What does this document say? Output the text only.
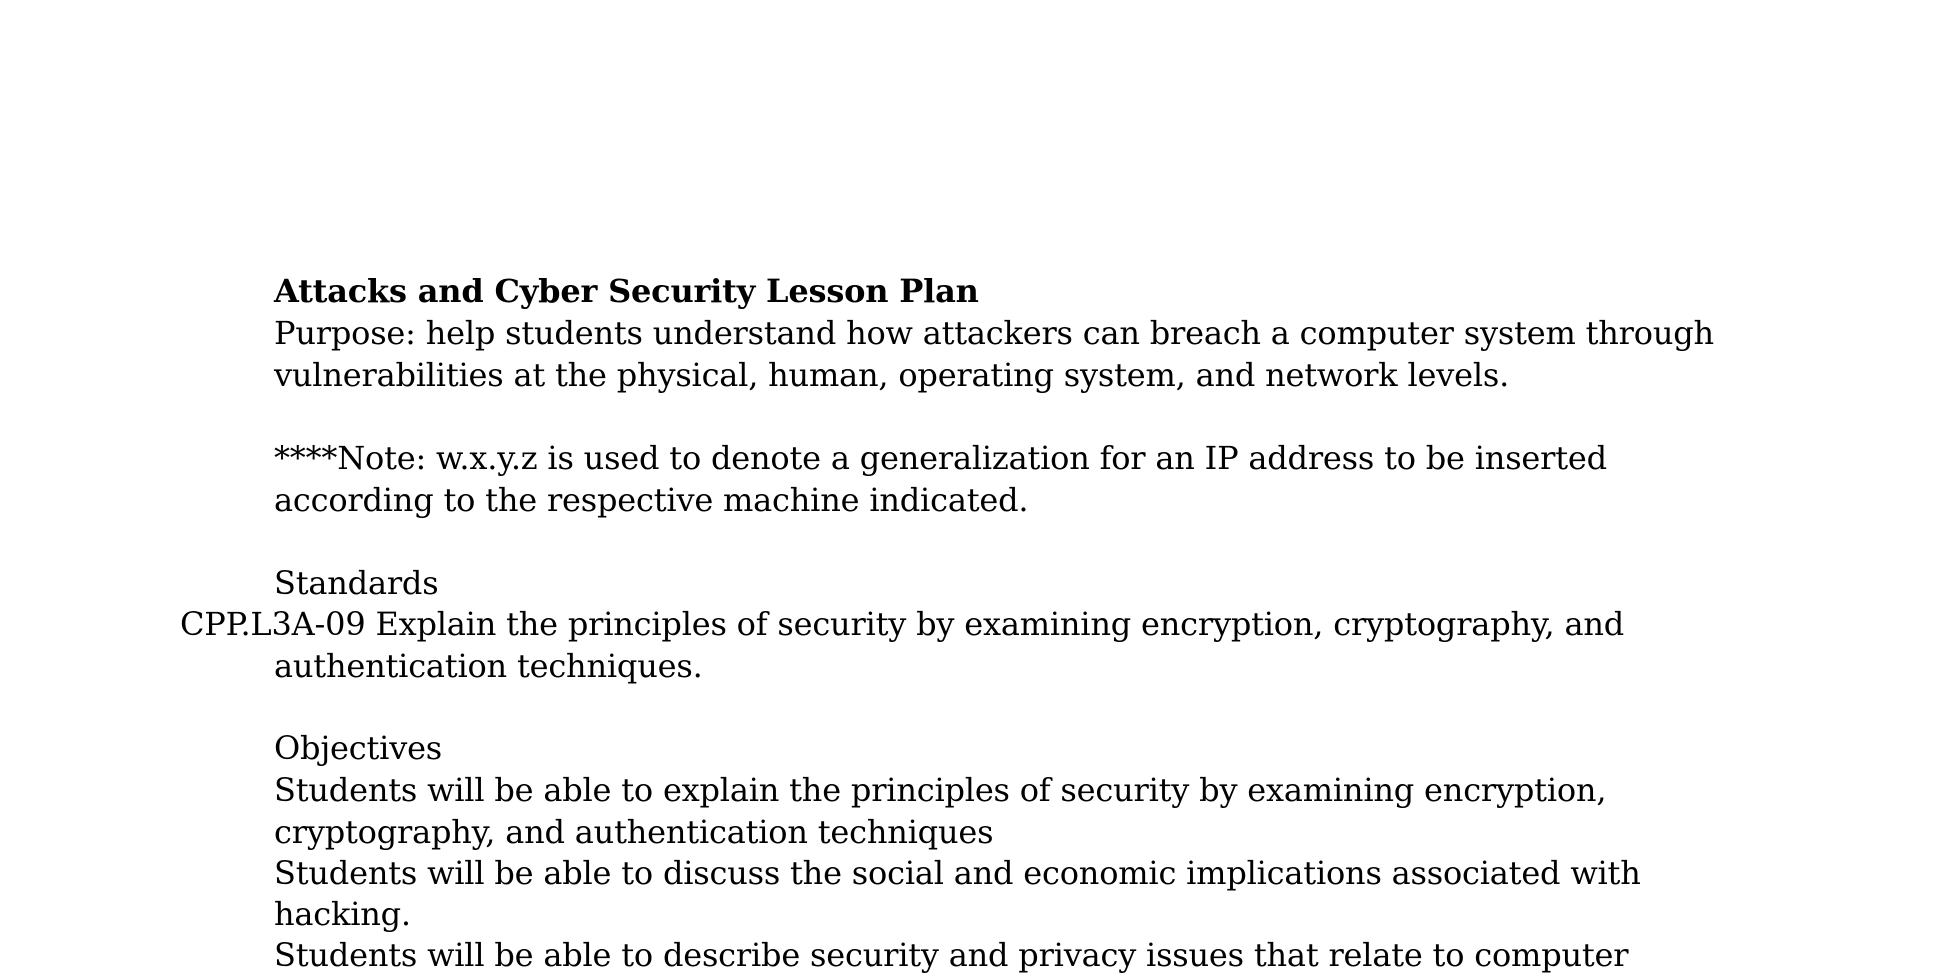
Attacks and Cyber Security Lesson Plan
Purpose: help students understand how attackers can breach a computer system through
vulnerabilities at the physical, human, operating system, and network levels.
****Note: w.x.y.z is used to denote a generalization for an IP address to be inserted
according to the respective machine indicated.
Standards
CPP.L3A-09 Explain the principles of security by examining encryption, cryptography, and
authentication techniques.
Objectives
Students will be able to explain the principles of security by examining encryption,
cryptography, and authentication techniques
Students will be able to discuss the social and economic implications associated with
hacking.
Students will be able to describe security and privacy issues that relate to computer
